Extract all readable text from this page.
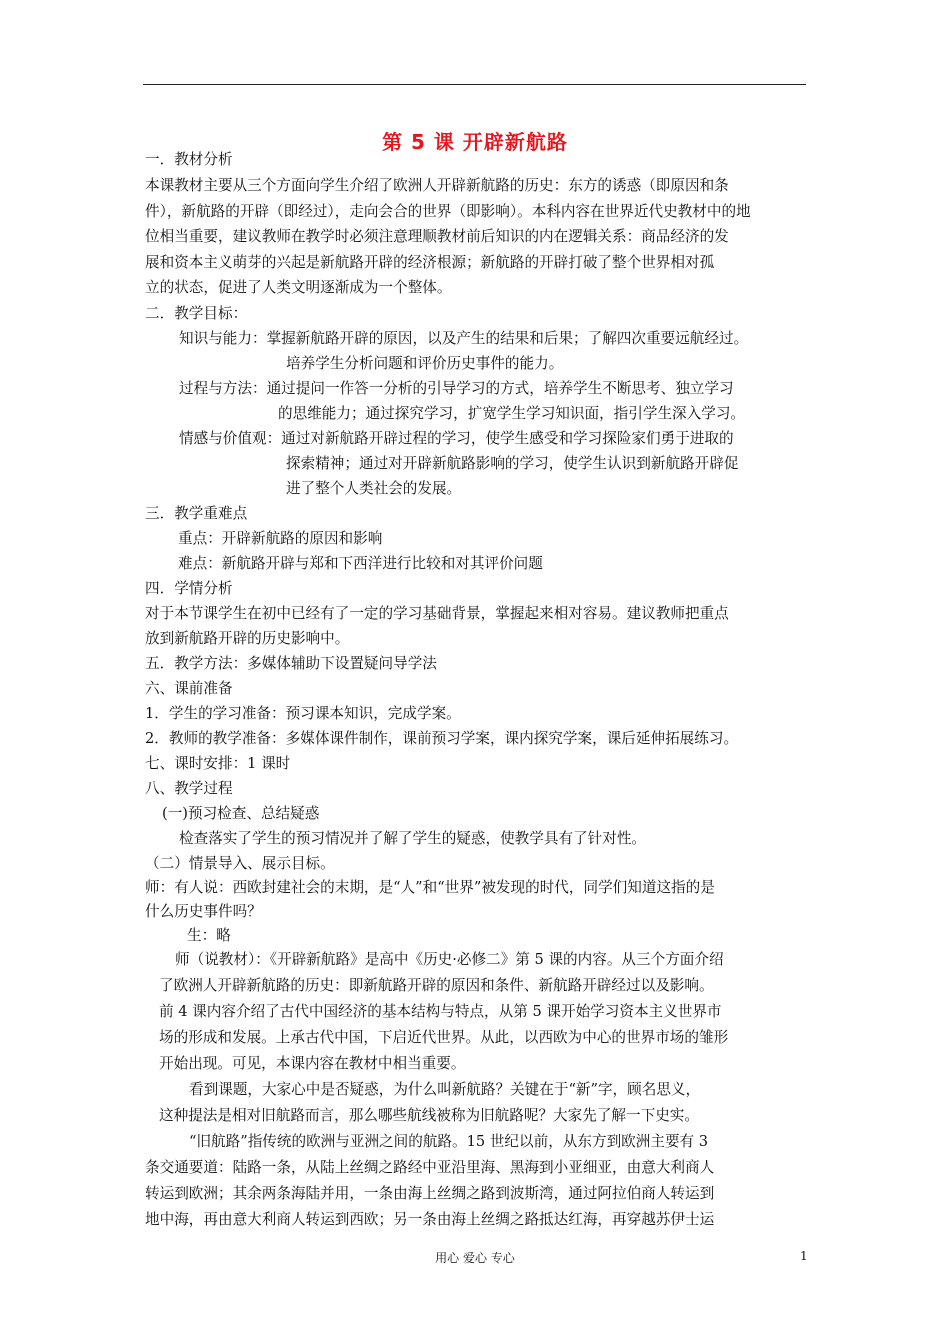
第 5 课 开辟新航路
一．教材分析
本课教材主要从三个方面向学生介绍了欧洲人开辟新航路的历史：东方的诱惑（即原因和条
件），新航路的开辟（即经过），走向会合的世界（即影响）。本科内容在世界近代史教材中的地
位相当重要，建议教师在教学时必须注意理顺教材前后知识的内在逻辑关系：商品经济的发
展和资本主义萌芽的兴起是新航路开辟的经济根源；新航路的开辟打破了整个世界相对孤
立的状态，促进了人类文明逐渐成为一个整体。
二．教学目标：
知识与能力：掌握新航路开辟的原因，以及产生的结果和后果；了解四次重要远航经过。
培养学生分析问题和评价历史事件的能力。
过程与方法：通过提问一作答一分析的引导学习的方式，培养学生不断思考、独立学习
的思维能力；通过探究学习，扩宽学生学习知识面，指引学生深入学习。
情感与价值观：通过对新航路开辟过程的学习，使学生感受和学习探险家们勇于进取的
探索精神；通过对开辟新航路影响的学习，使学生认识到新航路开辟促
进了整个人类社会的发展。
三．教学重难点
重点：开辟新航路的原因和影响
难点：新航路开辟与郑和下西洋进行比较和对其评价问题
四．学情分析
对于本节课学生在初中已经有了一定的学习基础背景，掌握起来相对容易。建议教师把重点
放到新航路开辟的历史影响中。
五．教学方法：多媒体辅助下设置疑问导学法
六、课前准备
1．学生的学习准备：预习课本知识，完成学案。
2．教师的教学准备：多媒体课件制作，课前预习学案，课内探究学案，课后延伸拓展练习。
七、课时安排：1 课时
八、教学过程
(一)预习检查、总结疑惑
检查落实了学生的预习情况并了解了学生的疑惑，使教学具有了针对性。
（二）情景导入、展示目标。
师：有人说：西欧封建社会的末期，是“人”和“世界”被发现的时代，同学们知道这指的是
什么历史事件吗？
生：略
师（说教材）：《开辟新航路》是高中《历史·必修二》第 5 课的内容。从三个方面介绍
了欧洲人开辟新航路的历史：即新航路开辟的原因和条件、新航路开辟经过以及影响。
前 4 课内容介绍了古代中国经济的基本结构与特点，从第 5 课开始学习资本主义世界市
场的形成和发展。上承古代中国，下启近代世界。从此，以西欧为中心的世界市场的雏形
开始出现。可见，本课内容在教材中相当重要。
看到课题，大家心中是否疑惑，为什么叫新航路？关键在于“新”字，顾名思义，
这种提法是相对旧航路而言，那么哪些航线被称为旧航路呢？大家先了解一下史实。
“旧航路”指传统的欧洲与亚洲之间的航路。15 世纪以前，从东方到欧洲主要有 3
条交通要道：陆路一条，从陆上丝绸之路经中亚沿里海、黑海到小亚细亚，由意大利商人
转运到欧洲；其余两条海陆并用，一条由海上丝绸之路到波斯湾，通过阿拉伯商人转运到
地中海，再由意大利商人转运到西欧；另一条由海上丝绸之路抵达红海，再穿越苏伊士运
用心 爱心 专心	1
